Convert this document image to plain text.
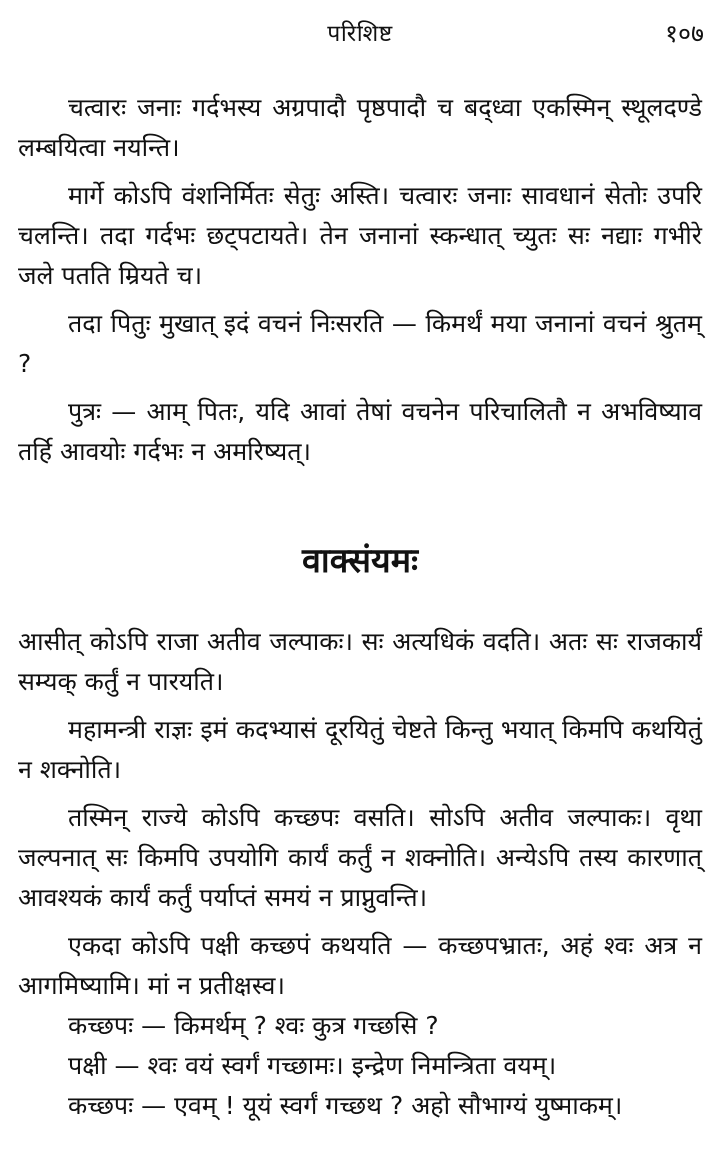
परिशिष्ट	१०७

चत्वारः जनाः गर्दभस्य अग्रपादौ पृष्ठपादौ च बद्ध्वा एकस्मिन् स्थूलदण्डे लम्बयित्वा नयन्ति।

मार्गे कोऽपि वंशनिर्मितः सेतुः अस्ति। चत्वारः जनाः सावधानं सेतोः उपरि चलन्ति। तदा गर्दभः छट्पटायते। तेन जनानां स्कन्धात् च्युतः सः नद्याः गभीरे जले पतति म्रियते च।

तदा पितुः मुखात् इदं वचनं निःसरति — किमर्थं मया जनानां वचनं श्रुतम् ?

पुत्रः — आम् पितः, यदि आवां तेषां वचनेन परिचालितौ न अभविष्याव तर्हि आवयोः गर्दभः न अमरिष्यत्।

वाक्संयमः

आसीत् कोऽपि राजा अतीव जल्पाकः। सः अत्यधिकं वदति। अतः सः राजकार्यं सम्यक् कर्तुं न पारयति।

महामन्त्री राज्ञः इमं कदभ्यासं दूरयितुं चेष्टते किन्तु भयात् किमपि कथयितुं न शक्नोति।

तस्मिन् राज्ये कोऽपि कच्छपः वसति। सोऽपि अतीव जल्पाकः। वृथा जल्पनात् सः किमपि उपयोगि कार्यं कर्तुं न शक्नोति। अन्येऽपि तस्य कारणात् आवश्यकं कार्यं कर्तुं पर्याप्तं समयं न प्राप्नुवन्ति।

एकदा कोऽपि पक्षी कच्छपं कथयति — कच्छपभ्रातः, अहं श्वः अत्र न आगमिष्यामि। मां न प्रतीक्षस्व।

कच्छपः — किमर्थम् ? श्वः कुत्र गच्छसि ?

पक्षी — श्वः वयं स्वर्गं गच्छामः। इन्द्रेण निमन्त्रिता वयम्।

कच्छपः — एवम् ! यूयं स्वर्गं गच्छथ ? अहो सौभाग्यं युष्माकम्।
